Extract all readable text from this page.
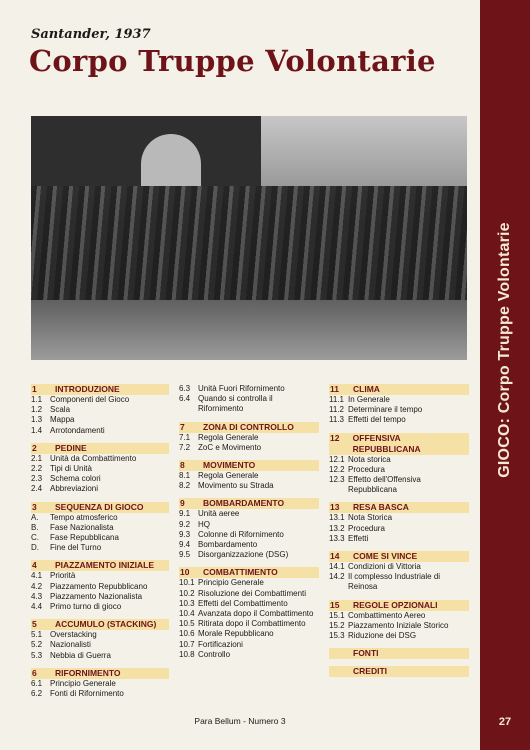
GIOCO: Corpo Truppe Volontarie
27
Santander, 1937
Corpo Truppe Volontarie
1	INTRODUZIONE
1.1 Componenti del Gioco
1.2 Scala
1.3 Mappa
1.4 Arrotondamenti
2	PEDINE
2.1 Unità da Combattimento
2.2 Tipi di Unità
2.3 Schema colori
2.4 Abbreviazioni
3	SEQUENZA DI GIOCO
A.	Tempo atmosferico
B.	Fase Nazionalista
C.	Fase Repubblicana
D.	Fine del Turno
4	PIAZZAMENTO INIZIALE
4.1 Priorità
4.2 Piazzamento Repubblicano
4.3 Piazzamento Nazionalista
4.4 Primo turno di gioco
5	ACCUMULO (STACKING)
5.1 Overstacking
5.2 Nazionalisti
5.3 Nebbia di Guerra
6	RIFORNIMENTO
6.1 Principio Generale
6.2 Fonti di Rifornimento
6.3 Unità Fuori Rifornimento
6.4 Quando si controlla il Rifornimento
7	ZONA DI CONTROLLO
7.1 Regola Generale
7.2 ZoC e Movimento
8	MOVIMENTO
8.1 Regola Generale
8.2 Movimento su Strada
9	BOMBARDAMENTO
9.1 Unità aeree
9.2 HQ
9.3 Colonne di Rifornimento
9.4 Bombardamento
9.5 Disorganizzazione (DSG)
10	COMBATTIMENTO
10.1 Principio Generale
10.2 Risoluzione dei Combattimenti
10.3 Effetti del Combattimento
10.4 Avanzata dopo il Combattimento
10.5 Ritirata dopo il Combattimento
10.6 Morale Repubblicano
10.7 Fortificazioni
10.8 Controllo
11	CLIMA
11.1 In Generale
11.2 Determinare il tempo
11.3 Effetti del tempo
12	OFFENSIVA REPUBBLICANA
12.1 Nota storica
12.2 Procedura
12.3 Effetto dell'Offensiva Repubblicana
13	RESA BASCA
13.1 Nota Storica
13.2 Procedura
13.3 Effetti
14	COME SI VINCE
14.1 Condizioni di Vittoria
14.2 Il complesso Industriale di Reinosa
15	REGOLE OPZIONALI
15.1 Combattimento Aereo
15.2 Piazzamento Iniziale Storico
15.3 Riduzione dei DSG
FONTI
CREDITI
Para Bellum - Numero 3
